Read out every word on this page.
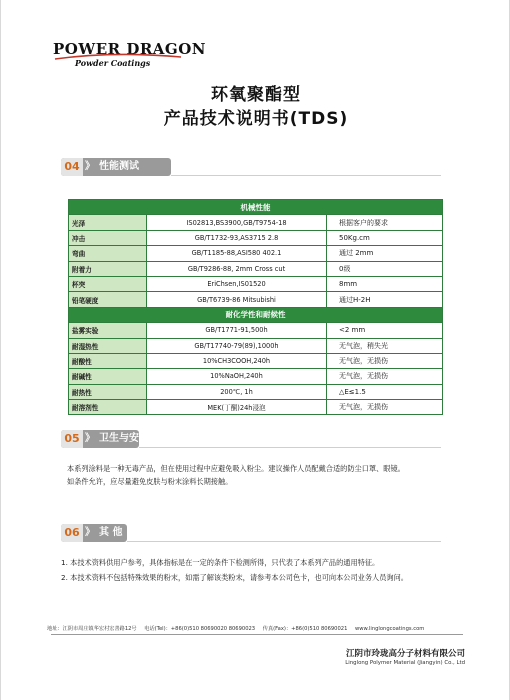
POWER DRAGON
Powder Coatings
环氧聚酯型
产品技术说明书(TDS)
04 》 性能测试
机械性能		
光泽	IS02813,BS3900,GB/T9754-18	根据客户的要求
冲击	GB/T1732-93,AS3715 2.8	50Kg.cm
弯曲	GB/T1185-88,ASI580 402.1	通过 2mm
附着力	GB/T9286-88, 2mm Cross cut	0级
杯突	EriChsen,IS01520	8mm
铅笔硬度	GB/T6739-86 Mitsubishi	通过H-2H
耐化学性和耐候性		
盐雾实验	GB/T1771-91,500h	<2 mm
耐湿热性	GB/T17740-79(89),1000h	无气泡，稍失光
耐酸性	10%CH3COOH,240h	无气泡，无损伤
耐碱性	10%NaOH,240h	无气泡，无损伤
耐热性	200℃, 1h	△E≤1.5
耐溶剂性	MEK(丁酮)24h浸泡	无气泡，无损伤
05 》 卫生与安全
本系列涂料是一种无毒产品，但在使用过程中应避免吸入粉尘。建议操作人员配戴合适的防尘口罩、眼镜。
如条件允许，应尽量避免皮肤与粉末涂料长期接触。
06 》 其 他
1. 本技术资料供用户参考，具体指标是在一定的条件下检测所得，只代表了本系列产品的通用特征。
2. 本技术资料不包括特殊效果的粉末，如需了解该类粉末，请参考本公司色卡，也可向本公司业务人员询问。
地址：江阴市周庄镇华宏村宏善路12号 电话(Tel)：+86(0)510 80690020 80690023 传真(Fax)：+86(0)510 80690021 www.linglongcoatings.com
江阴市玲珑高分子材料有限公司
Linglong Polymer Material (Jiangyin) Co., Ltd
